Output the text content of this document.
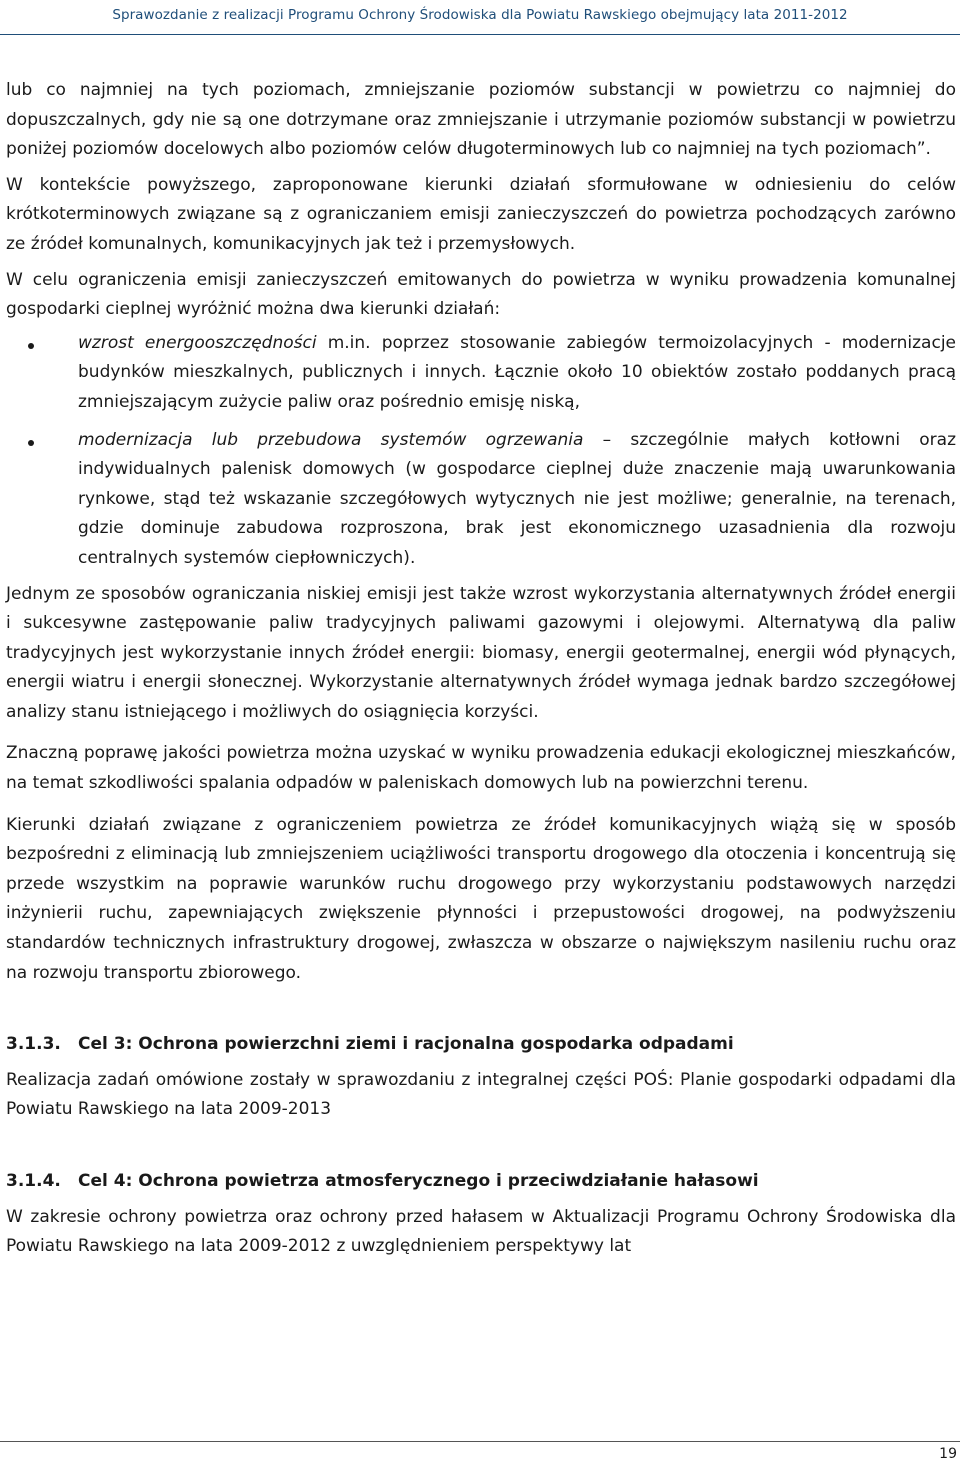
Sprawozdanie z realizacji Programu Ochrony Środowiska dla Powiatu Rawskiego obejmujący lata 2011-2012

lub co najmniej na tych poziomach, zmniejszanie poziomów substancji w powietrzu co najmniej do dopuszczalnych, gdy nie są one dotrzymane oraz zmniejszanie i utrzymanie poziomów substancji w powietrzu poniżej poziomów docelowych albo poziomów celów długoterminowych lub co najmniej na tych poziomach”.

W kontekście powyższego, zaproponowane kierunki działań sformułowane w odniesieniu do celów krótkoterminowych związane są z ograniczaniem emisji zanieczyszczeń do powietrza pochodzących zarówno ze źródeł komunalnych, komunikacyjnych jak też i przemysłowych.

W celu ograniczenia emisji zanieczyszczeń emitowanych do powietrza w wyniku prowadzenia komunalnej gospodarki cieplnej wyróżnić można dwa kierunki działań:

wzrost energooszczędności m.in. poprzez stosowanie zabiegów termoizolacyjnych - modernizacje budynków mieszkalnych, publicznych i innych. Łącznie około 10 obiektów zostało poddanych pracą zmniejszającym zużycie paliw oraz pośrednio emisję niską,
modernizacja lub przebudowa systemów ogrzewania – szczególnie małych kotłowni oraz indywidualnych palenisk domowych (w gospodarce cieplnej duże znaczenie mają uwarunkowania rynkowe, stąd też wskazanie szczegółowych wytycznych nie jest możliwe; generalnie, na terenach, gdzie dominuje zabudowa rozproszona, brak jest ekonomicznego uzasadnienia dla rozwoju centralnych systemów ciepłowniczych).

Jednym ze sposobów ograniczania niskiej emisji jest także wzrost wykorzystania alternatywnych źródeł energii i sukcesywne zastępowanie paliw tradycyjnych paliwami gazowymi i olejowymi. Alternatywą dla paliw tradycyjnych jest wykorzystanie innych źródeł energii: biomasy, energii geotermalnej, energii wód płynących, energii wiatru i energii słonecznej. Wykorzystanie alternatywnych źródeł wymaga jednak bardzo szczegółowej analizy stanu istniejącego i możliwych do osiągnięcia korzyści.

Znaczną poprawę jakości powietrza można uzyskać w wyniku prowadzenia edukacji ekologicznej mieszkańców, na temat szkodliwości spalania odpadów w paleniskach domowych lub na powierzchni terenu.

Kierunki działań związane z ograniczeniem powietrza ze źródeł komunikacyjnych wiążą się w sposób bezpośredni z eliminacją lub zmniejszeniem uciążliwości transportu drogowego dla otoczenia i koncentrują się przede wszystkim na poprawie warunków ruchu drogowego przy wykorzystaniu podstawowych narzędzi inżynierii ruchu, zapewniających zwiększenie płynności i przepustowości drogowej, na podwyższeniu standardów technicznych infrastruktury drogowej, zwłaszcza w obszarze o największym nasileniu ruchu oraz na rozwoju transportu zbiorowego.

3.1.3. Cel 3: Ochrona powierzchni ziemi i racjonalna gospodarka odpadami

Realizacja zadań omówione zostały w sprawozdaniu z integralnej części POŚ: Planie gospodarki odpadami dla Powiatu Rawskiego na lata 2009-2013

3.1.4. Cel 4: Ochrona powietrza atmosferycznego i przeciwdziałanie hałasowi

W zakresie ochrony powietrza oraz ochrony przed hałasem w Aktualizacji Programu Ochrony Środowiska dla Powiatu Rawskiego na lata 2009-2012 z uwzględnieniem perspektywy lat

19
